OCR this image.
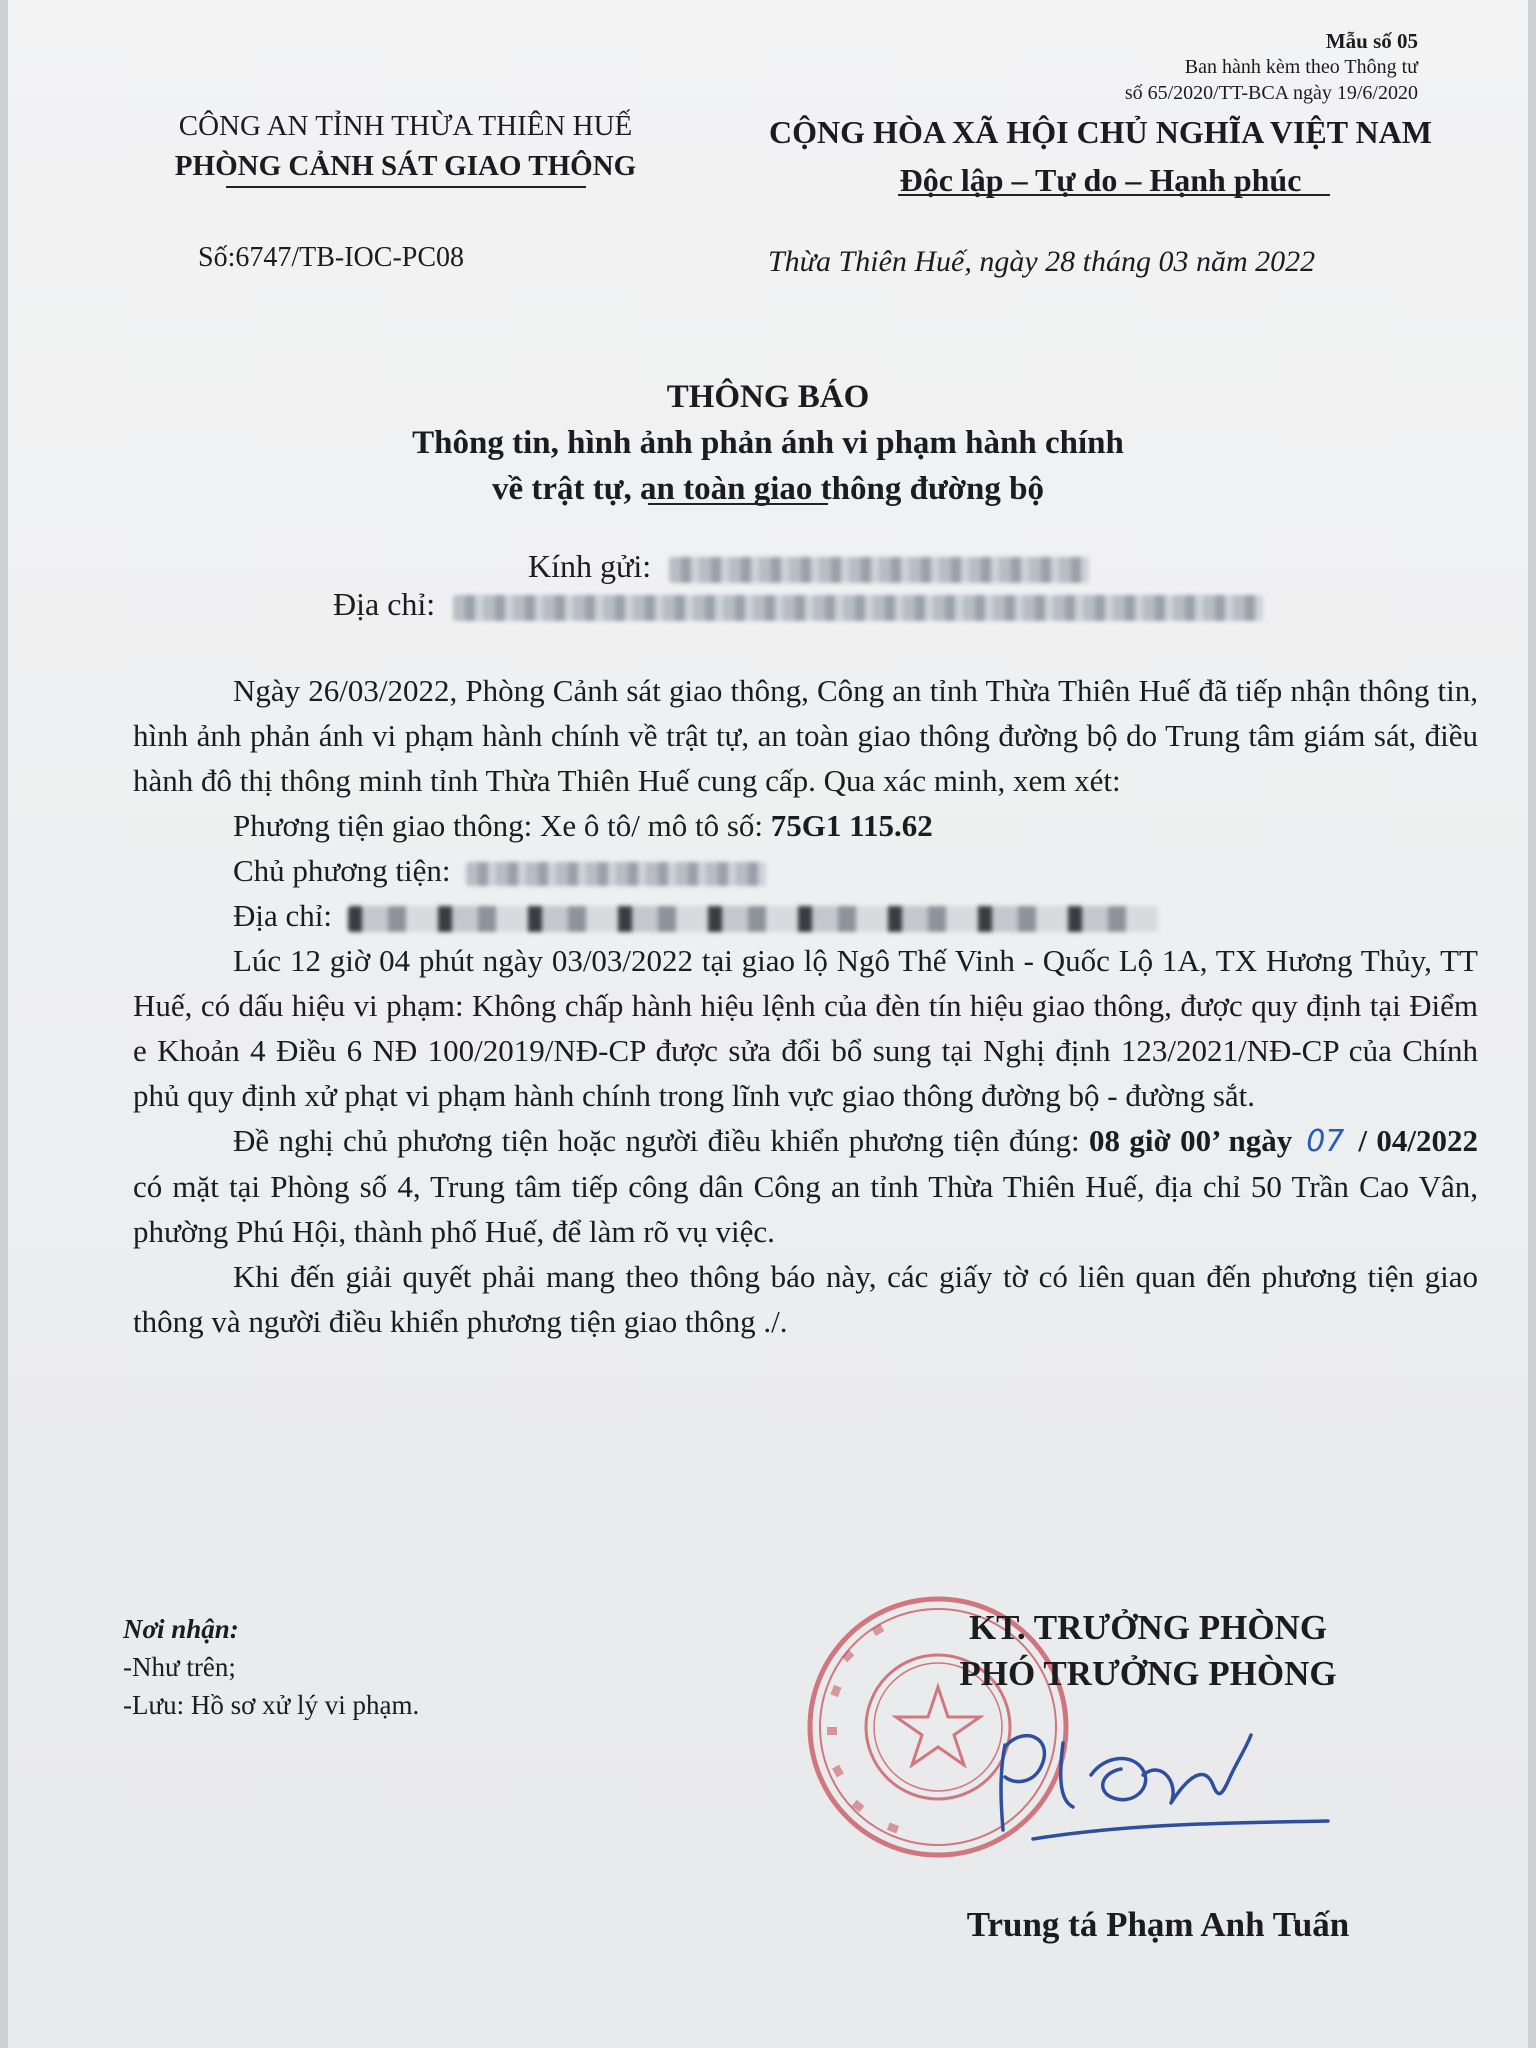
Mẫu số 05
Ban hành kèm theo Thông tư
số 65/2020/TT-BCA ngày 19/6/2020
CÔNG AN TỈNH THỪA THIÊN HUẾ
PHÒNG CẢNH SÁT GIAO THÔNG
Số:6747/TB-IOC-PC08
CỘNG HÒA XÃ HỘI CHỦ NGHĨA VIỆT NAM
Độc lập – Tự do – Hạnh phúc
Thừa Thiên Huế, ngày 28 tháng 03 năm 2022
THÔNG BÁO
Thông tin, hình ảnh phản ánh vi phạm hành chính
về trật tự, an toàn giao thông đường bộ
Kính gửi:
Địa chỉ:

Ngày 26/03/2022, Phòng Cảnh sát giao thông, Công an tỉnh Thừa Thiên Huế đã tiếp nhận thông tin, hình ảnh phản ánh vi phạm hành chính về trật tự, an toàn giao thông đường bộ do Trung tâm giám sát, điều hành đô thị thông minh tỉnh Thừa Thiên Huế cung cấp. Qua xác minh, xem xét:

Phương tiện giao thông: Xe ô tô/ mô tô số: 75G1 115.62
Chủ phương tiện:
Địa chỉ:

Lúc 12 giờ 04 phút ngày 03/03/2022 tại giao lộ Ngô Thế Vinh - Quốc Lộ 1A, TX Hương Thủy, TT Huế, có dấu hiệu vi phạm: Không chấp hành hiệu lệnh của đèn tín hiệu giao thông, được quy định tại Điểm e Khoản 4 Điều 6 NĐ 100/2019/NĐ-CP được sửa đổi bổ sung tại Nghị định 123/2021/NĐ-CP của Chính phủ quy định xử phạt vi phạm hành chính trong lĩnh vực giao thông đường bộ - đường sắt.

Đề nghị chủ phương tiện hoặc người điều khiển phương tiện đúng: 08 giờ 00’ ngày 07 / 04/2022 có mặt tại Phòng số 4, Trung tâm tiếp công dân Công an tỉnh Thừa Thiên Huế, địa chỉ 50 Trần Cao Vân, phường Phú Hội, thành phố Huế, để làm rõ vụ việc.

Khi đến giải quyết phải mang theo thông báo này, các giấy tờ có liên quan đến phương tiện giao thông và người điều khiển phương tiện giao thông ./.

Nơi nhận:
-Như trên;
-Lưu: Hồ sơ xử lý vi phạm.
KT. TRƯỞNG PHÒNG
PHÓ TRƯỞNG PHÒNG
Trung tá Phạm Anh Tuấn
